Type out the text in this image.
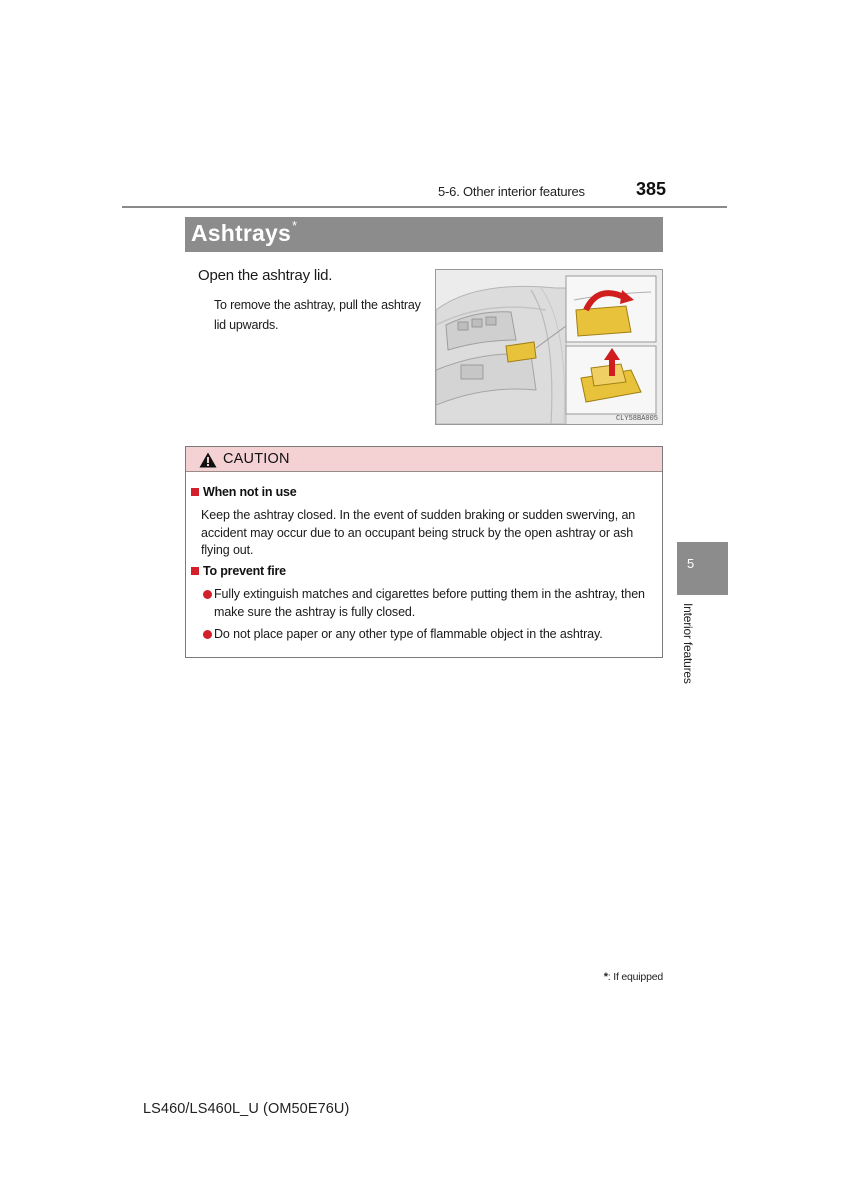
5-6. Other interior features	385
Ashtrays*
Open the ashtray lid.
To remove the ashtray, pull the ashtray lid upwards.
CLY58BA005
CAUTION
When not in use
Keep the ashtray closed. In the event of sudden braking or sudden swerving, an accident may occur due to an occupant being struck by the open ashtray or ash flying out.
To prevent fire
Fully extinguish matches and cigarettes before putting them in the ashtray, then make sure the ashtray is fully closed.
Do not place paper or any other type of flammable object in the ashtray.
5
Interior features
*: If equipped
LS460/LS460L_U (OM50E76U)
